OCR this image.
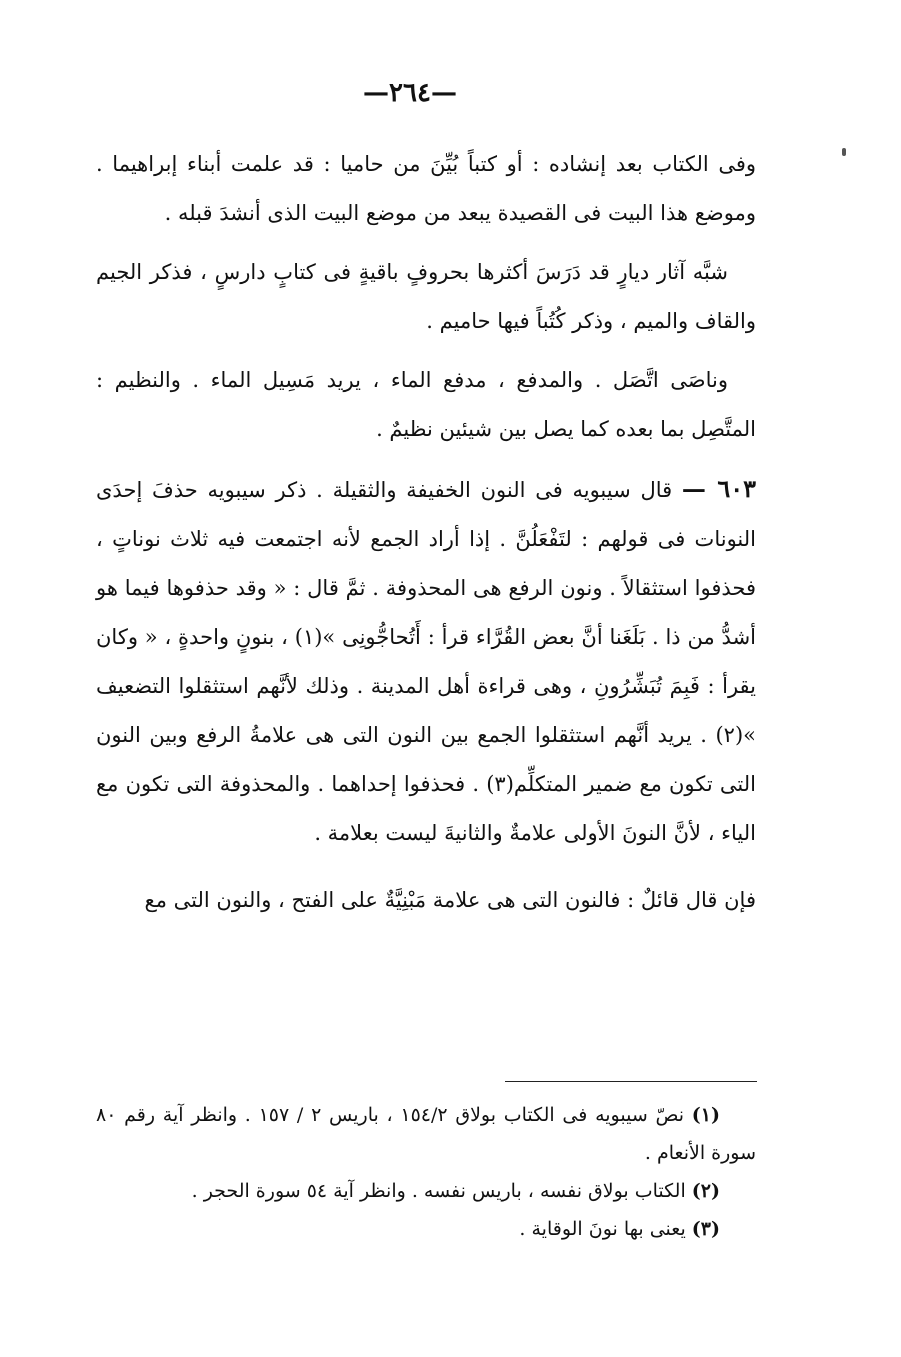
—٢٦٤—

وفى الكتاب بعد إنشاده : أو كتباً بُيِّنَ من حاميا : قد علمت أبناء إبراهيما . وموضع هذا البيت فى القصيدة يبعد من موضع البيت الذى أنشدَ قبله .

شبَّه آثار ديارٍ قد دَرَسَ أكثرها بحروفٍ باقيةٍ فى كتابٍ دارسٍ ، فذكر الجيم والقاف والميم ، وذكر كُتُباً فيها حاميم .

وناصَى اتَّصَل . والمدفع ، مدفع الماء ، يريد مَسِيل الماء . والنظيم : المتَّصِل بما بعده كما يصل بين شيئين نظيمٌ .

٦٠٣ — قال سيبويه فى النون الخفيفة والثقيلة . ذكر سيبويه حذفَ إحدَى النونات فى قولهم : لتَفْعَلُنَّ . إذا أراد الجمع لأنه اجتمعت فيه ثلاث نوناتٍ ، فحذفوا استثقالاً . ونون الرفع هى المحذوفة . ثمَّ قال : « وقد حذفوها فيما هو أشدُّ من ذا . بَلَغَنا أنَّ بعض القُرَّاء قرأ : أَتُحاجُّونِى »(١) ، بنونٍ واحدةٍ ، « وكان يقرأ : فَبِمَ تُبَشِّرُونِ ، وهى قراءة أهل المدينة . وذلك لأنَّهم استثقلوا التضعيف »(٢) . يريد أنَّهم استثقلوا الجمع بين النون التى هى علامةُ الرفع وبين النون التى تكون مع ضمير المتكلِّم(٣) . فحذفوا إحداهما . والمحذوفة التى تكون مع الياء ، لأنَّ النونَ الأولى علامةٌ والثانيةَ ليست بعلامة .

فإن قال قائلٌ : فالنون التى هى علامة مَبْنِيَّةٌ على الفتح ، والنون التى مع

(١) نصّ سيبويه فى الكتاب بولاق ١٥٤/٢ ، باريس ٢ / ١٥٧ . وانظر آية رقم ٨٠ سورة الأنعام .

(٢) الكتاب بولاق نفسه ، باريس نفسه . وانظر آية ٥٤ سورة الحجر .

(٣) يعنى بها نونَ الوقاية .
